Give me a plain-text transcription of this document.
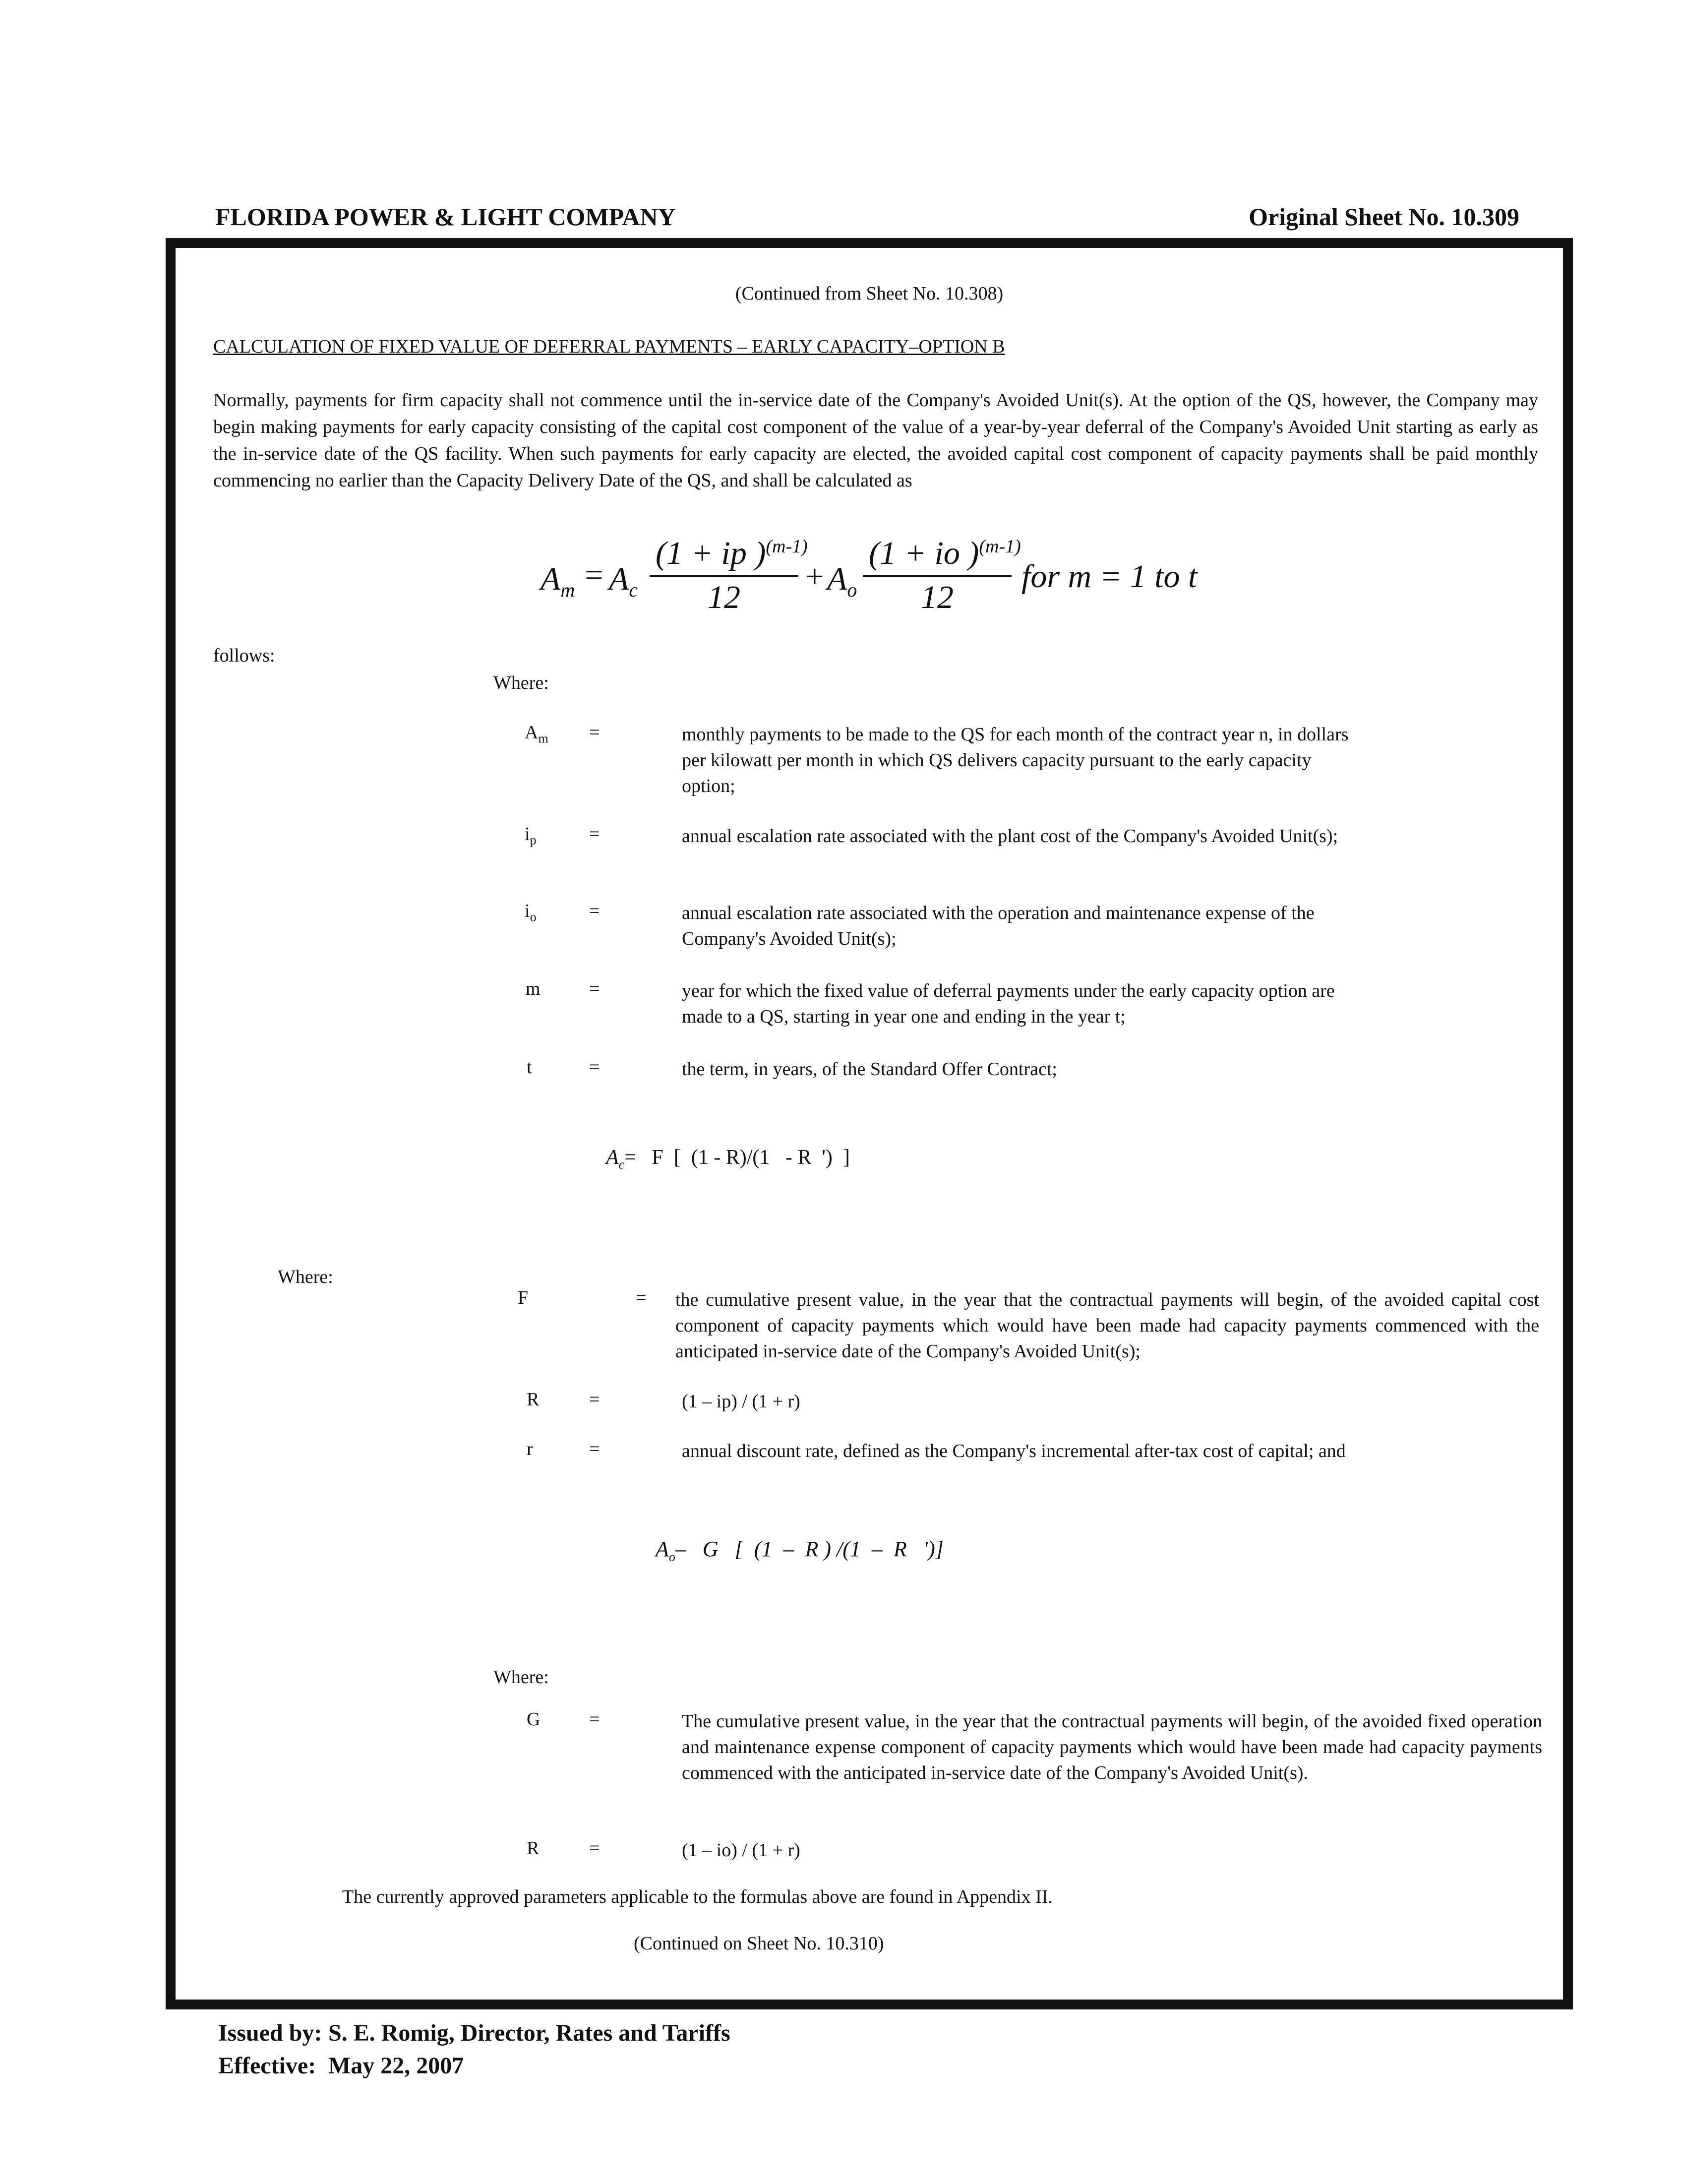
FLORIDA POWER & LIGHT COMPANY	Original Sheet No. 10.309
(Continued from Sheet No. 10.308)
CALCULATION OF FIXED VALUE OF DEFERRAL PAYMENTS – EARLY CAPACITY–OPTION B
Normally, payments for firm capacity shall not commence until the in-service date of the Company's Avoided Unit(s). At the option of the QS, however, the Company may begin making payments for early capacity consisting of the capital cost component of the value of a year-by-year deferral of the Company's Avoided Unit starting as early as the in-service date of the QS facility. When such payments for early capacity are elected, the avoided capital cost component of capacity payments shall be paid monthly commencing no earlier than the Capacity Delivery Date of the QS, and shall be calculated as
$A_m = A_c \frac{(1 + ip )^{(m-1)}}{12} + A_o \frac{(1 + io )^{(m-1)}}{12}$ for m = 1 to t
follows:
Where:
$A_m$ =	monthly payments to be made to the QS for each month of the contract year n, in dollars per kilowatt per month in which QS delivers capacity pursuant to the early capacity option;
$i_p$	=	annual escalation rate associated with the plant cost of the Company's Avoided Unit(s);
$i_o$	=	annual escalation rate associated with the operation and maintenance expense of the Company's Avoided Unit(s);
m	=	year for which the fixed value of deferral payments under the early capacity option are made to a QS, starting in year one and ending in the year t;
t	=	the term, in years, of the Standard Offer Contract;
$A_c= F$  [  (1 - R)/(1   - R  ')  ]
Where:
F	= the cumulative present value, in the year that the contractual payments will begin, of the avoided capital cost component of capacity payments which would have been made had capacity payments commenced with the anticipated in-service date of the Company's Avoided Unit(s);
R	=	(1 – ip) / (1 + r)
r	=	annual discount rate, defined as the Company's incremental after-tax cost of capital; and
$A_o-$   G   [  (1  –  R ) /(1  –  R   ')]
Where:
G	=	The cumulative present value, in the year that the contractual payments will begin, of the avoided fixed operation and maintenance expense component of capacity payments which would have been made had capacity payments commenced with the anticipated in-service date of the Company's Avoided Unit(s).
R	=	(1 – io) / (1 + r)
The currently approved parameters applicable to the formulas above are found in Appendix II.
(Continued on Sheet No. 10.310)
Issued by: S. E. Romig, Director, Rates and Tariffs
Effective: May 22, 2007
